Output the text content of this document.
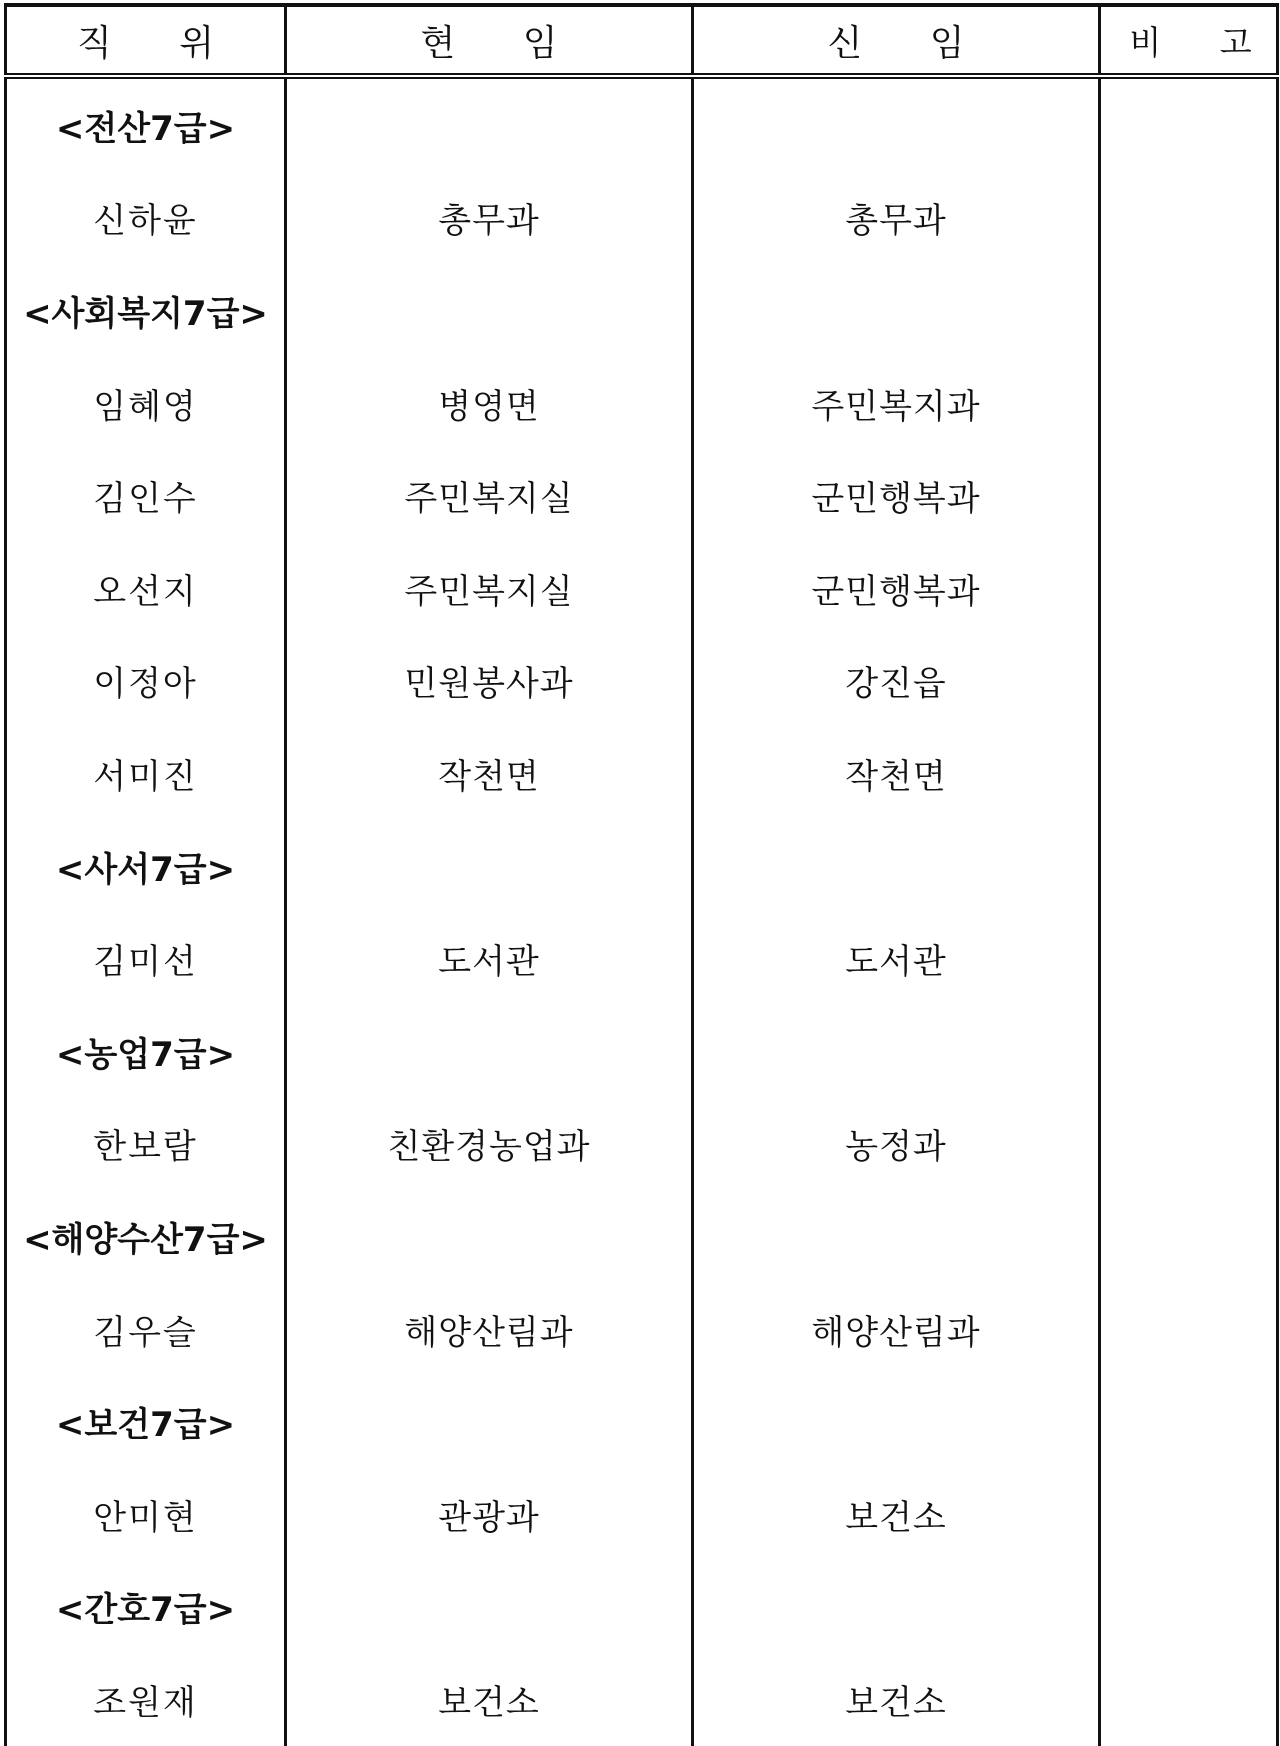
직 위	현 임	신 임	비 고
<전산7급>			
신하윤	총무과	총무과	
<사회복지7급>			
임혜영	병영면	주민복지과	
김인수	주민복지실	군민행복과	
오선지	주민복지실	군민행복과	
이정아	민원봉사과	강진읍	
서미진	작천면	작천면	
<사서7급>			
김미선	도서관	도서관	
<농업7급>			
한보람	친환경농업과	농정과	
<해양수산7급>			
김우슬	해양산림과	해양산림과	
<보건7급>			
안미현	관광과	보건소	
<간호7급>			
조원재	보건소	보건소	
